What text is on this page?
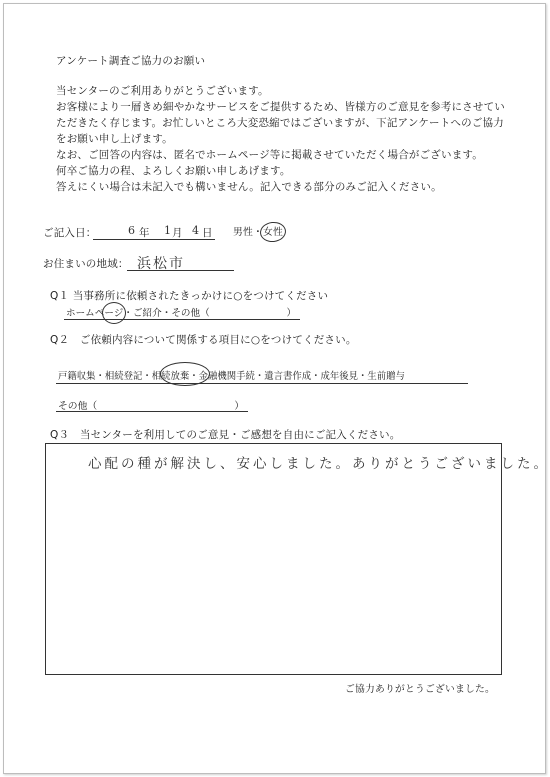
アンケート調査ご協力のお願い
当センターのご利用ありがとうございます。
お客様により一層きめ細やかなサービスをご提供するため、皆様方のご意見を参考にさせてい
ただきたく存じます。お忙しいところ大変恐縮ではございますが、下記アンケートへのご協力
をお願い申し上げます。
なお、ご回答の内容は、匿名でホームページ等に掲載させていただく場合がございます。
何卒ご協力の程、よろしくお願い申しあげます。
答えにくい場合は未記入でも構いません。記入できる部分のみご記入ください。
ご記入日：	6 年 1 月 4 日 男性・女性
お住まいの地域： 浜松市
Q１ 当事務所に依頼されたきっかけに○をつけてください
ホームページ・ご紹介・その他（　　　　　　　　）
Q２　ご依頼内容について関係する項目に○をつけてください。
戸籍収集・相続登記・相続放棄・金融機関手続・遺言書作成・成年後見・生前贈与
その他（　　　　　　　　　　　　　　）
Q３　当センターを利用してのご意見・ご感想を自由にご記入ください。
心配の種が解決し、安心しました。ありがとうございました。
ご協力ありがとうございました。
